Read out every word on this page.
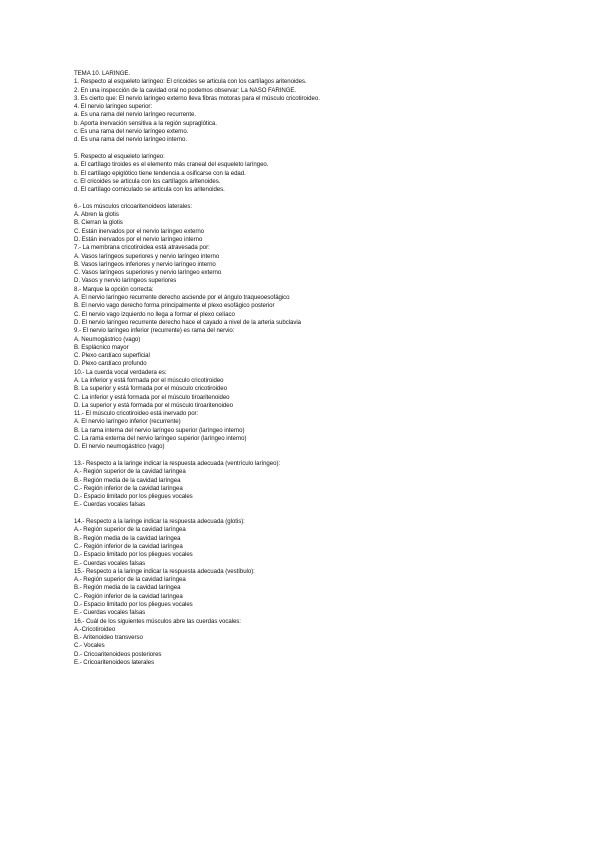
TEMA 10. LARINGE.
1. Respecto al esqueleto laríngeo: El cricoides se articula con los cartílagos aritenoides.
2. En una inspección de la cavidad oral no podemos observar: La NASO FARINGE.
3. Es cierto que: El nervio laríngeo externo lleva fibras motoras para el músculo cricotiroideo.
4. El nervio laríngeo superior:
a. Es una rama del nervio laríngeo recurrente.
b. Aporta inervación sensitiva a la región supraglótica.
c. Es una rama del nervio laríngeo externo.
d. Es una rama del nervio laríngeo interno.
5. Respecto al esqueleto laríngeo:
a. El cartílago tiroides es el elemento más craneal del esqueleto laríngeo.
b. El cartílago epiglótico tiene tendencia a osificarse con la edad.
c. El cricoides se articula con los cartílagos aritenoides.
d. El cartílago corniculado se articula con los aritenoides.
6.- Los músculos cricoaritenoideos laterales:
A. Abren la glotis
B. Cierran la glotis
C. Están inervados por el nervio laríngeo externo
D. Están inervados por el nervio laríngeo interno
7.- La membrana cricotiroidea está atravesada por:
A. Vasos laríngeos superiores y nervio laríngeo interno
B. Vasos laríngeos inferiores y nervio laríngeo interno
C. Vasos laríngeos superiores y nervio laríngeo externo
D. Vasos y nervio laríngeos superiores
8.- Marque la opción correcta:
A. El nervio laríngeo recurrente derecho asciende por el ángulo traqueoesofágico
B. El nervio vago derecho forma principalmente el plexo esofágico posterior
C. El nervio vago izquierdo no llega a formar el plexo celíaco
D. El nervio laríngeo recurrente derecho hace el cayado a nivel de la arteria subclavia
9.- El nervio laríngeo inferior (recurrente) es rama del nervio:
A. Neumogástrico (vago)
B. Esplácnico mayor
C. Plexo cardíaco superficial
D. Plexo cardíaco profundo
10.- La cuerda vocal verdadera es:
A. La inferior y está formada por el músculo cricotiroideo
B. La superior y está formada por el músculo cricotiroideo
C. La inferior y está formada por el músculo tiroaritenoideo
D. La superior y está formada por el músculo tiroaritenoideo
11.- El músculo cricotiroideo está inervado por:
A. El nervio laríngeo inferior (recurrente)
B. La rama interna del nervio laríngeo superior (laríngeo interno)
C. La rama externa del nervio laríngeo superior (laríngeo interno)
D. El nervio neumogástrico (vago)
13.- Respecto a la laringe indicar la respuesta adecuada (ventrículo laríngeo):
A.- Región superior de la cavidad laríngea
B.- Región media de la cavidad laríngea
C.- Región inferior de la cavidad laríngea
D.- Espacio limitado por los pliegues vocales
E.- Cuerdas vocales falsas
14.- Respecto a la laringe indicar la respuesta adecuada (glotis):
A.- Región superior de la cavidad laríngea
B.- Región media de la cavidad laríngea
C.- Región inferior de la cavidad laríngea
D.- Espacio limitado por los pliegues vocales
E.- Cuerdas vocales falsas
15.- Respecto a la laringe indicar la respuesta adecuada (vestíbulo):
A.- Región superior de la cavidad laríngea
B.- Región media de la cavidad laríngea
C.- Región inferior de la cavidad laríngea
D.- Espacio limitado por los pliegues vocales
E.- Cuerdas vocales falsas
16.- Cuál de los siguientes músculos abre las cuerdas vocales:
A.-Cricotiroideo
B.- Aritenoideo transverso
C.- Vocales
D.- Cricoaritenoideos posteriores
E.- Cricoaritenoideos laterales
